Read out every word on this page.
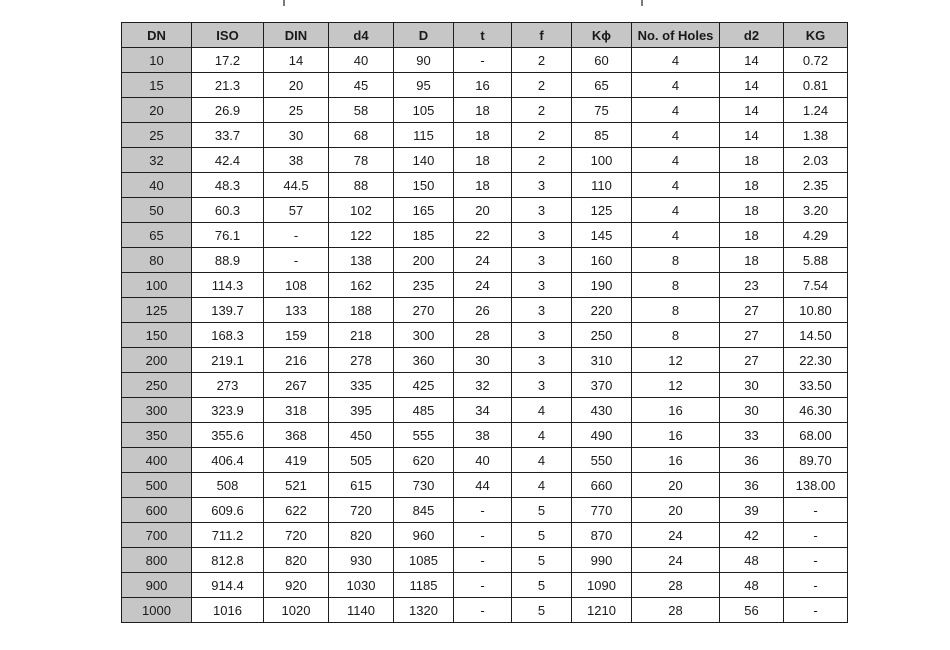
DN	ISO	DIN	d4	D	t	f	Kϕ	No. of Holes	d2	KG
10	17.2	14	40	90	-	2	60	4	14	0.72
15	21.3	20	45	95	16	2	65	4	14	0.81
20	26.9	25	58	105	18	2	75	4	14	1.24
25	33.7	30	68	115	18	2	85	4	14	1.38
32	42.4	38	78	140	18	2	100	4	18	2.03
40	48.3	44.5	88	150	18	3	110	4	18	2.35
50	60.3	57	102	165	20	3	125	4	18	3.20
65	76.1	-	122	185	22	3	145	4	18	4.29
80	88.9	-	138	200	24	3	160	8	18	5.88
100	114.3	108	162	235	24	3	190	8	23	7.54
125	139.7	133	188	270	26	3	220	8	27	10.80
150	168.3	159	218	300	28	3	250	8	27	14.50
200	219.1	216	278	360	30	3	310	12	27	22.30
250	273	267	335	425	32	3	370	12	30	33.50
300	323.9	318	395	485	34	4	430	16	30	46.30
350	355.6	368	450	555	38	4	490	16	33	68.00
400	406.4	419	505	620	40	4	550	16	36	89.70
500	508	521	615	730	44	4	660	20	36	138.00
600	609.6	622	720	845	-	5	770	20	39	-
700	711.2	720	820	960	-	5	870	24	42	-
800	812.8	820	930	1085	-	5	990	24	48	-
900	914.4	920	1030	1185	-	5	1090	28	48	-
1000	1016	1020	1140	1320	-	5	1210	28	56	-
